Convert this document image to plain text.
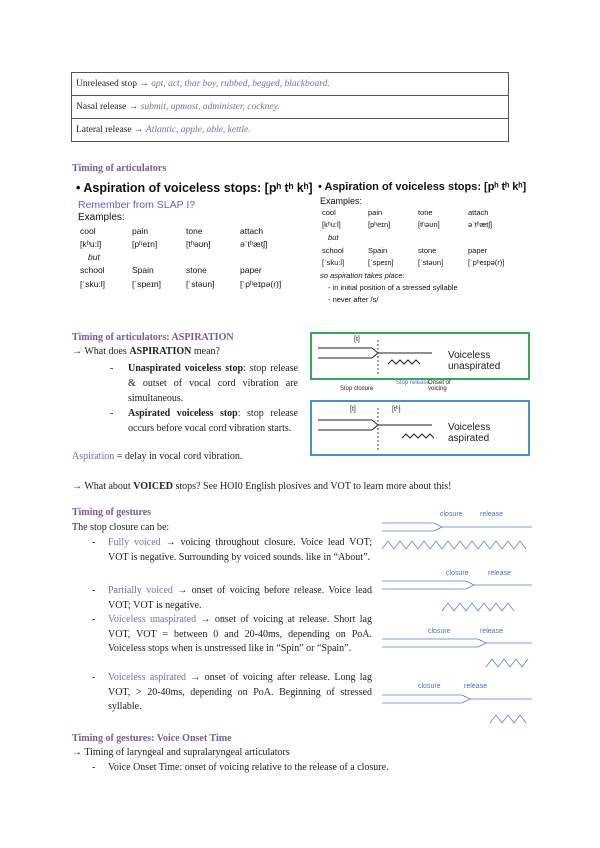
Unreleased stop → apt, act, thar boy, rubbed, begged, blackboard.
Nasal release → submit, upmost, administer, cockney.
Lateral release → Atlantic, apple, able, kettle.
Timing of articulators
• Aspiration of voiceless stops: [pʰ tʰ kʰ]
Remember from SLAP I?
Examples:
cool	pain	tone	attach
[kʰu:l]	[pʰeɪn]	[tʰəʊn]	əˈtʰætʃ]
but
school	Spain	stone	paper
[ˈsku:l]	[ˈspeɪn]	[ˈstəʊn]	[ˈpʰeɪpə(r)]
• Aspiration of voiceless stops: [pʰ tʰ kʰ]
Examples:
cool	pain	tone	attach
[kʰu:l]	[pʰeɪn]	[tʰəʊn]	əˈtʰætʃ]
but
school	Spain	stone	paper
[ˈsku:l]	[ˈspeɪn]	[ˈstəʊn]	[ˈpʰeɪpə(r)]
so aspiration takes place:
- in initial position of a stressed syllable
- never after /s/
Timing of articulators: ASPIRATION
→ What does ASPIRATION mean?
- Unaspirated voiceless stop: stop release & outset of vocal cord vibration are simultaneous.
- Aspirated voiceless stop: stop release occurs before vocal cord vibration starts.
Aspiration = delay in vocal cord vibration.
→ What about VOICED stops? See HOI0 English plosives and VOT to learn more about this!
[t]
Voiceless unaspirated
Stop closure
Stop release
Onset of voicing
[t]	[tʰ]
Voiceless aspirated
Timing of gestures
The stop closure can be:
- Fully voiced → voicing throughout closure. Voice lead VOT; VOT is negative. Surrounding by voiced sounds. like in “About”.
- Partially voiced → onset of voicing before release. Voice lead VOT; VOT is negative.
- Voiceless unaspirated → onset of voicing at release. Short lag VOT, VOT = between 0 and 20-40ms, depending on PoA. Voiceless stops when is unstressed like in “Spin” or “Spain”.
- Voiceless aspirated → onset of voicing after release. Long lag VOT, > 20-40ms, depending on PoA. Beginning of stressed syllable.
closure release
closure	release
closure	release
closure	release
Timing of gestures: Voice Onset Time
→ Timing of laryngeal and supralaryngeal articulators
- Voice Onset Time: onset of voicing relative to the release of a closure.
